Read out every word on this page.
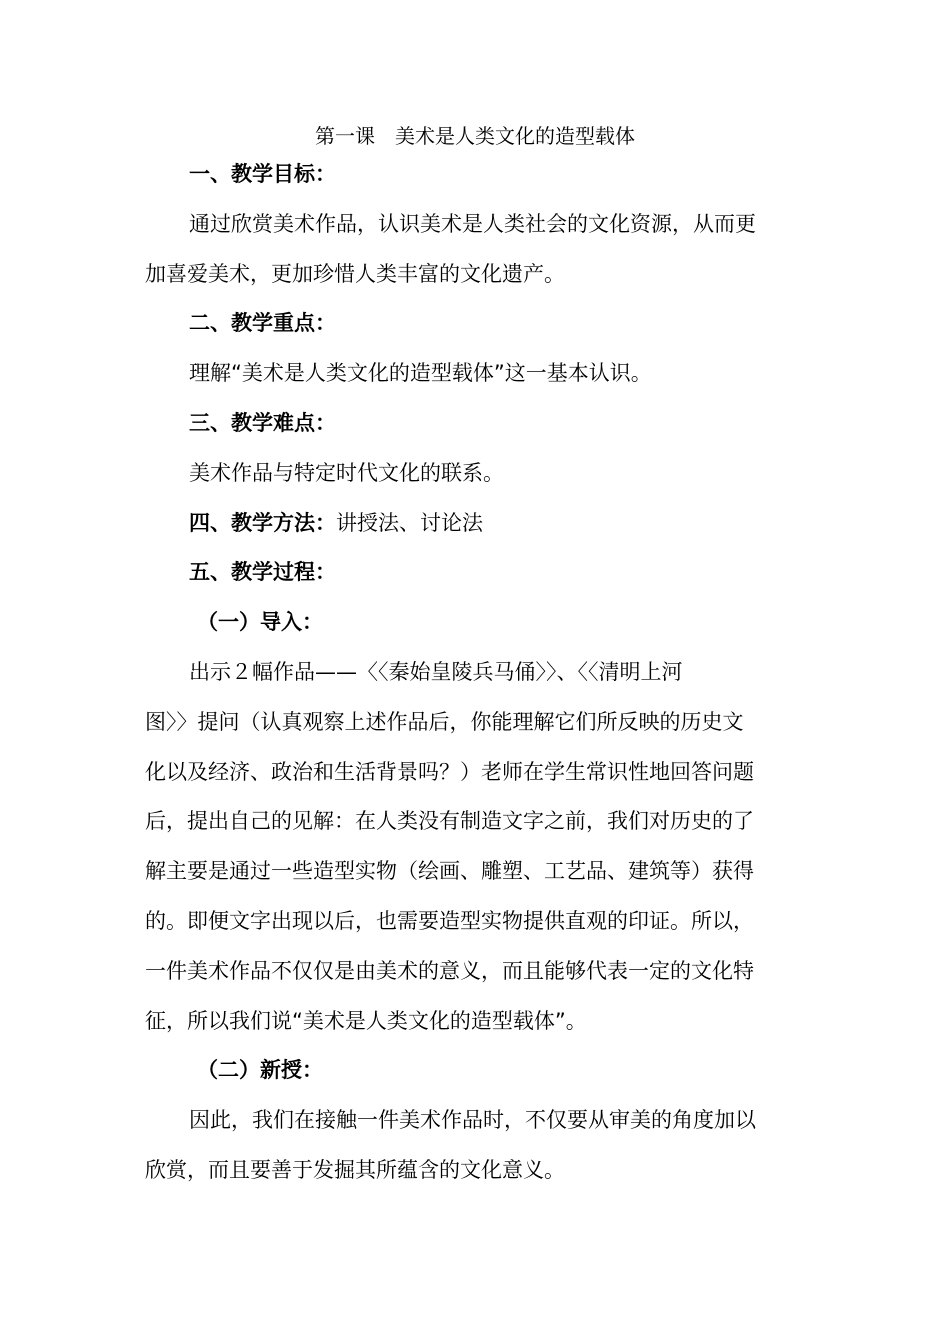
第一课　美术是人类文化的造型载体
一、教学目标：
通过欣赏美术作品，认识美术是人类社会的文化资源，从而更
加喜爱美术，更加珍惜人类丰富的文化遗产。
二、教学重点：
理解“美术是人类文化的造型载体”这一基本认识。
三、教学难点：
美术作品与特定时代文化的联系。
四、教学方法：讲授法、讨论法
五、教学过程：
（一）导入：
出示２幅作品——〈〈秦始皇陵兵马俑〉〉、〈〈清明上河
图〉〉提问（认真观察上述作品后，你能理解它们所反映的历史文
化以及经济、政治和生活背景吗？）老师在学生常识性地回答问题
后，提出自己的见解：在人类没有制造文字之前，我们对历史的了
解主要是通过一些造型实物（绘画、雕塑、工艺品、建筑等）获得
的。即便文字出现以后，也需要造型实物提供直观的印证。所以，
一件美术作品不仅仅是由美术的意义，而且能够代表一定的文化特
征，所以我们说“美术是人类文化的造型载体”。
（二）新授：
因此，我们在接触一件美术作品时，不仅要从审美的角度加以
欣赏，而且要善于发掘其所蕴含的文化意义。
